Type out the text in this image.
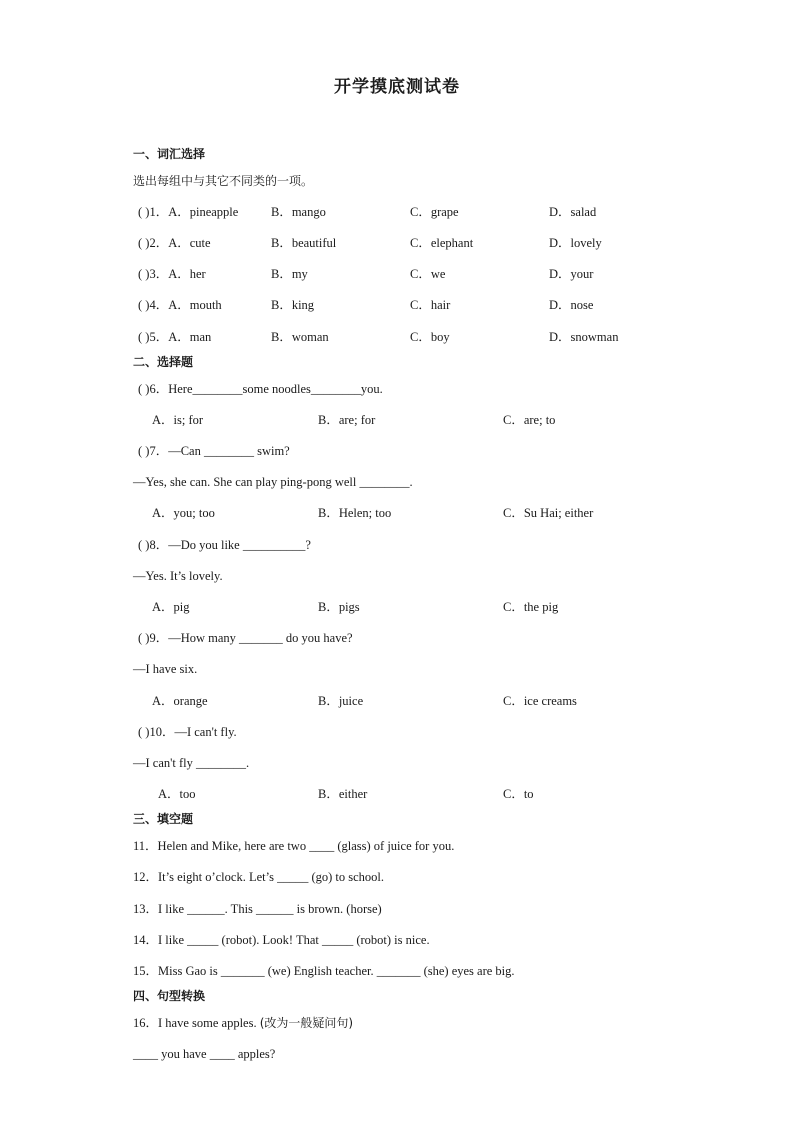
开学摸底测试卷
一、词汇选择
选出每组中与其它不同类的一项。
( )1．A．pineapple	B．mango	C．grape	D．salad
( )2．A．cute	B．beautiful	C．elephant	D．lovely
( )3．A．her	B．my	C．we	D．your
( )4．A．mouth	B．king	C．hair	D．nose
( )5．A．man	B．woman	C．boy	D．snowman
二、选择题
( )6．Here________some noodles________you.
A．is; for	B．are; for	C．are; to
( )7．—Can ________ swim?
—Yes, she can. She can play ping-pong well ________.
A．you; too	B．Helen; too	C．Su Hai; either
( )8．—Do you like __________?
—Yes. It’s lovely.
A．pig	B．pigs	C．the pig
( )9．—How many _______ do you have?
—I have six.
A．orange	B．juice	C．ice creams
( )10．—I can't fly.
—I can't fly ________.
A．too	B．either	C．to
三、填空题
11．Helen and Mike, here are two ____ (glass) of juice for you.
12．It’s eight o’clock. Let’s _____ (go) to school.
13．I like ______. This ______ is brown. (horse)
14．I like _____ (robot). Look! That _____ (robot) is nice.
15．Miss Gao is _______ (we) English teacher. _______ (she) eyes are big.
四、句型转换
16．I have some apples. (改为一般疑问句)
____ you have ____ apples?
